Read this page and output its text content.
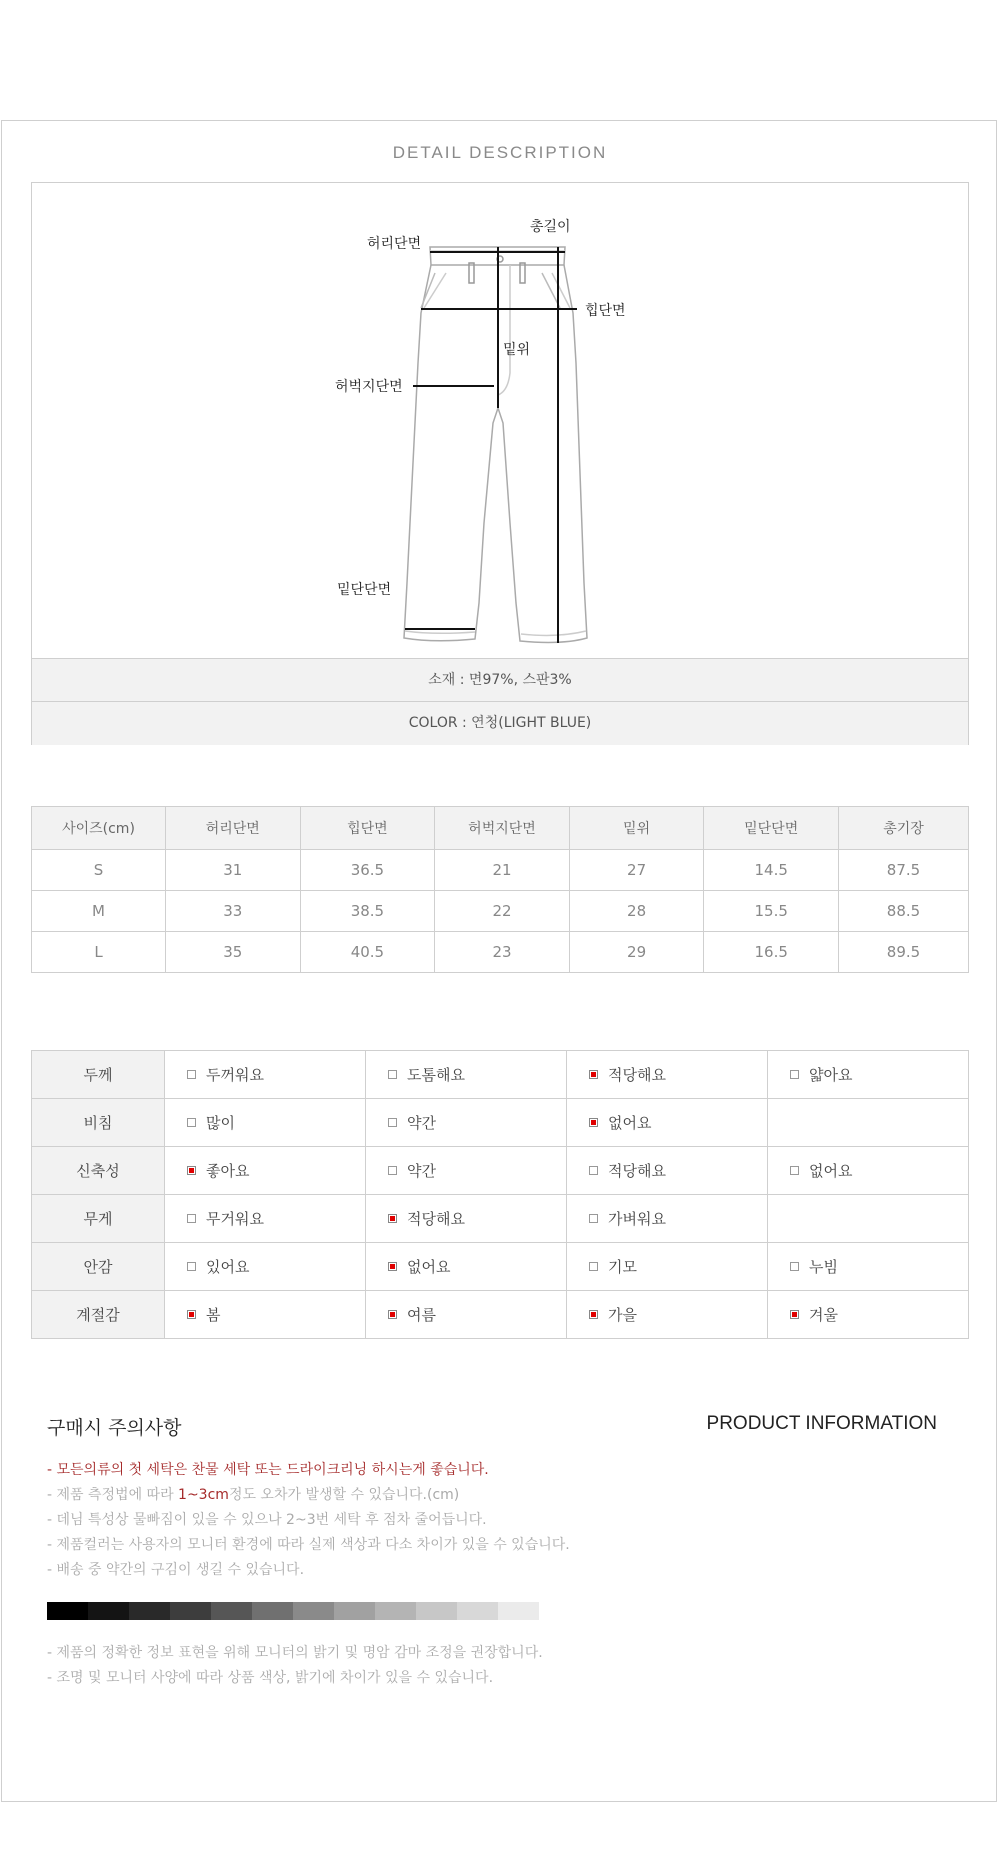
DETAIL DESCRIPTION
총길이
허리단면
힙단면
밑위
허벅지단면
밑단단면
소재 : 면97%, 스판3%
COLOR : 연청(LIGHT BLUE)
사이즈(cm)	허리단면	힙단면	허벅지단면	밑위	밑단단면	총기장
S	31	36.5	21	27	14.5	87.5
M	33	38.5	22	28	15.5	88.5
L	35	40.5	23	29	16.5	89.5
두께	두꺼워요	도톰해요	적당해요	얇아요
비침	많이	약간	없어요	
신축성	좋아요	약간	적당해요	없어요
무게	무거워요	적당해요	가벼워요	
안감	있어요	없어요	기모	누빔
계절감	봄	여름	가을	겨울
구매시 주의사항	PRODUCT INFORMATION
- 모든의류의 첫 세탁은 찬물 세탁 또는 드라이크리닝 하시는게 좋습니다.
- 제품 측정법에 따라 1~3cm정도 오차가 발생할 수 있습니다.(cm)
- 데님 특성상 물빠짐이 있을 수 있으나 2~3번 세탁 후 점차 줄어듭니다.
- 제품컬러는 사용자의 모니터 환경에 따라 실제 색상과 다소 차이가 있을 수 있습니다.
- 배송 중 약간의 구김이 생길 수 있습니다.
- 제품의 정확한 정보 표현을 위해 모니터의 밝기 및 명암 감마 조정을 권장합니다.
- 조명 및 모니터 사양에 따라 상품 색상, 밝기에 차이가 있을 수 있습니다.
